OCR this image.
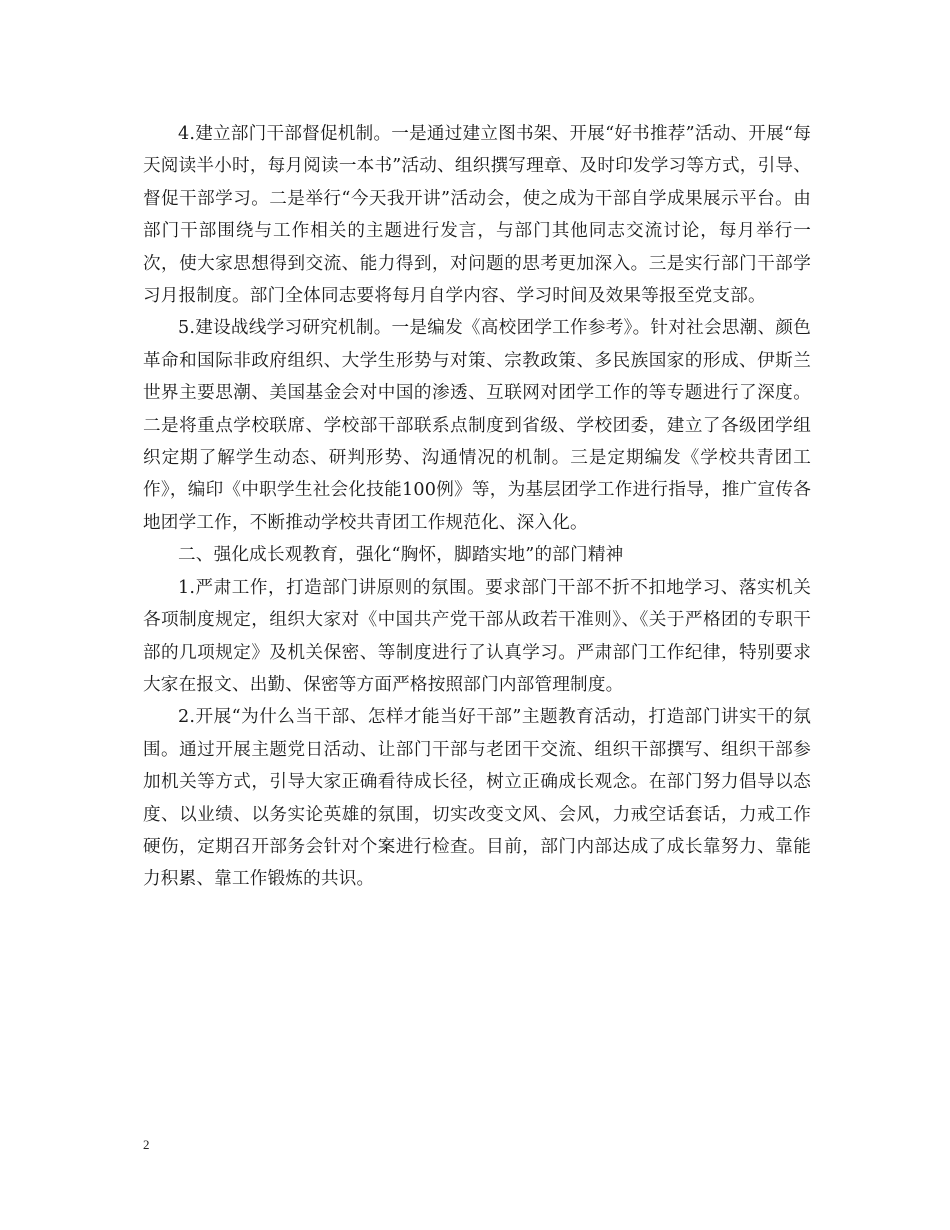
4.建立部门干部督促机制。一是通过建立图书架、开展“好书推荐”活动、开展“每天阅读半小时，每月阅读一本书”活动、组织撰写理章、及时印发学习等方式，引导、督促干部学习。二是举行“今天我开讲”活动会，使之成为干部自学成果展示平台。由部门干部围绕与工作相关的主题进行发言，与部门其他同志交流讨论，每月举行一次，使大家思想得到交流、能力得到，对问题的思考更加深入。三是实行部门干部学习月报制度。部门全体同志要将每月自学内容、学习时间及效果等报至党支部。

5.建设战线学习研究机制。一是编发《高校团学工作参考》。针对社会思潮、颜色革命和国际非政府组织、大学生形势与对策、宗教政策、多民族国家的形成、伊斯兰世界主要思潮、美国基金会对中国的渗透、互联网对团学工作的等专题进行了深度。二是将重点学校联席、学校部干部联系点制度到省级、学校团委，建立了各级团学组织定期了解学生动态、研判形势、沟通情况的机制。三是定期编发《学校共青团工作》，编印《中职学生社会化技能100例》等，为基层团学工作进行指导，推广宣传各地团学工作，不断推动学校共青团工作规范化、深入化。

二、强化成长观教育，强化“胸怀，脚踏实地”的部门精神

1.严肃工作，打造部门讲原则的氛围。要求部门干部不折不扣地学习、落实机关各项制度规定，组织大家对《中国共产党干部从政若干准则》、《关于严格团的专职干部的几项规定》及机关保密、等制度进行了认真学习。严肃部门工作纪律，特别要求大家在报文、出勤、保密等方面严格按照部门内部管理制度。

2.开展“为什么当干部、怎样才能当好干部”主题教育活动，打造部门讲实干的氛围。通过开展主题党日活动、让部门干部与老团干交流、组织干部撰写、组织干部参加机关等方式，引导大家正确看待成长径，树立正确成长观念。在部门努力倡导以态度、以业绩、以务实论英雄的氛围，切实改变文风、会风，力戒空话套话，力戒工作硬伤，定期召开部务会针对个案进行检查。目前，部门内部达成了成长靠努力、靠能力积累、靠工作锻炼的共识。

2
